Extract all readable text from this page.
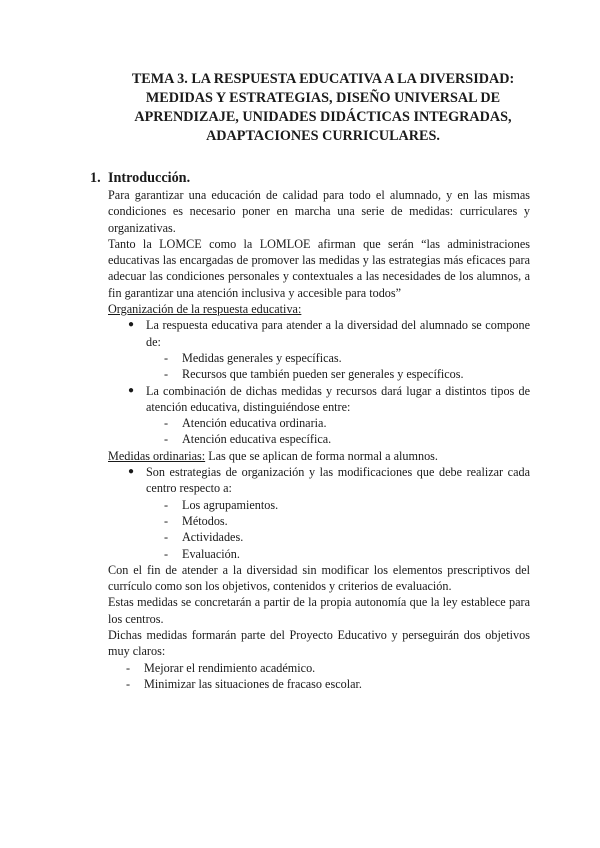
TEMA 3. LA RESPUESTA EDUCATIVA A LA DIVERSIDAD:
MEDIDAS Y ESTRATEGIAS, DISEÑO UNIVERSAL DE
APRENDIZAJE, UNIDADES DIDÁCTICAS INTEGRADAS,
ADAPTACIONES CURRICULARES.
1. Introducción.

Para garantizar una educación de calidad para todo el alumnado, y en las mismas condiciones es necesario poner en marcha una serie de medidas: curriculares y organizativas.

Tanto la LOMCE como la LOMLOE afirman que serán “las administraciones educativas las encargadas de promover las medidas y las estrategias más eficaces para adecuar las condiciones personales y contextuales a las necesidades de los alumnos, a fin garantizar una atención inclusiva y accesible para todos”

Organización de la respuesta educativa:

● La respuesta educativa para atender a la diversidad del alumnado se compone de:
- Medidas generales y específicas.
- Recursos que también pueden ser generales y específicos.
● La combinación de dichas medidas y recursos dará lugar a distintos tipos de atención educativa, distinguiéndose entre:
- Atención educativa ordinaria.
- Atención educativa específica.

Medidas ordinarias: Las que se aplican de forma normal a alumnos.

● Son estrategias de organización y las modificaciones que debe realizar cada centro respecto a:
- Los agrupamientos.
- Métodos.
- Actividades.
- Evaluación.

Con el fin de atender a la diversidad sin modificar los elementos prescriptivos del currículo como son los objetivos, contenidos y criterios de evaluación.

Estas medidas se concretarán a partir de la propia autonomía que la ley establece para los centros.

Dichas medidas formarán parte del Proyecto Educativo y perseguirán dos objetivos muy claros:

- Mejorar el rendimiento académico.
- Minimizar las situaciones de fracaso escolar.
